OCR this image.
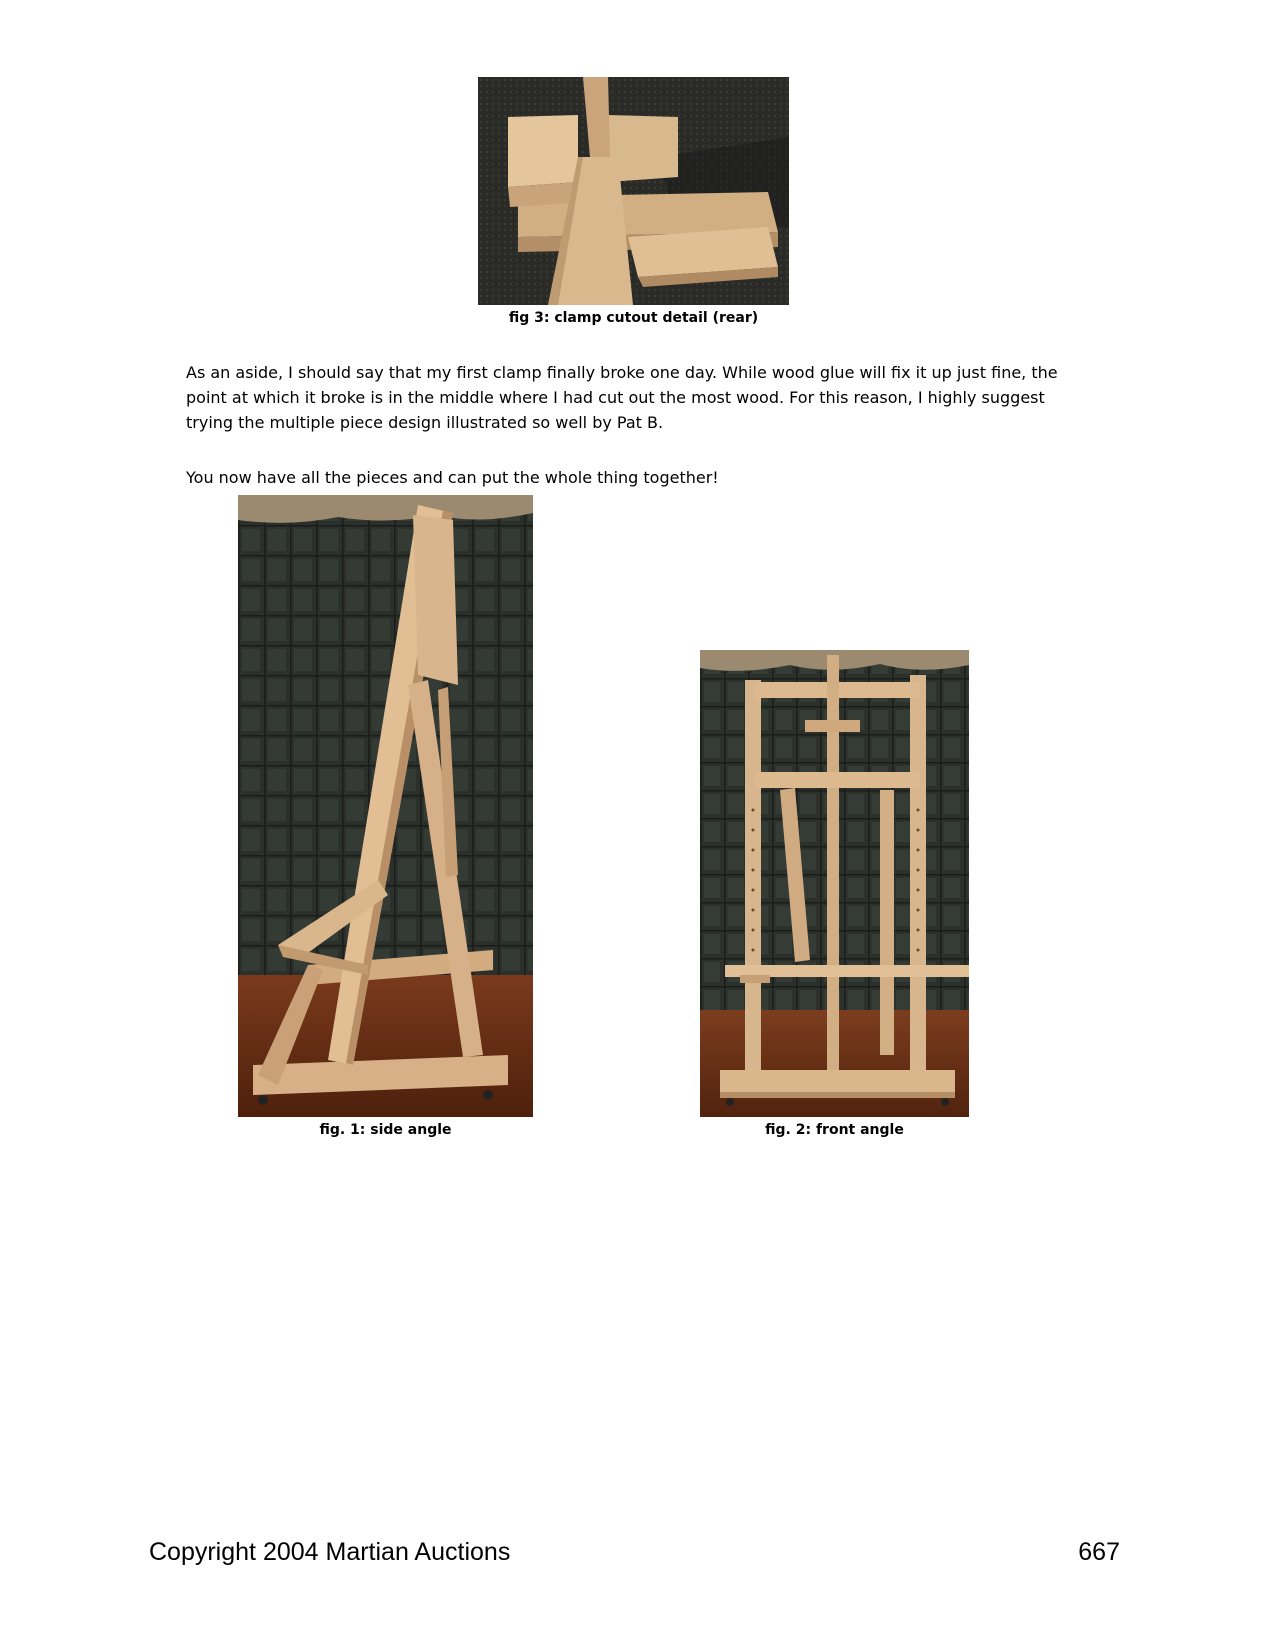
fig 3: clamp cutout detail (rear)

As an aside, I should say that my first clamp finally broke one day. While wood glue will fix it up just fine, the point at which it broke is in the middle where I had cut out the most wood. For this reason, I highly suggest trying the multiple piece design illustrated so well by Pat B.

You now have all the pieces and can put the whole thing together!

fig. 1: side angle	fig. 2: front angle
Copyright 2004 Martian Auctions	667
